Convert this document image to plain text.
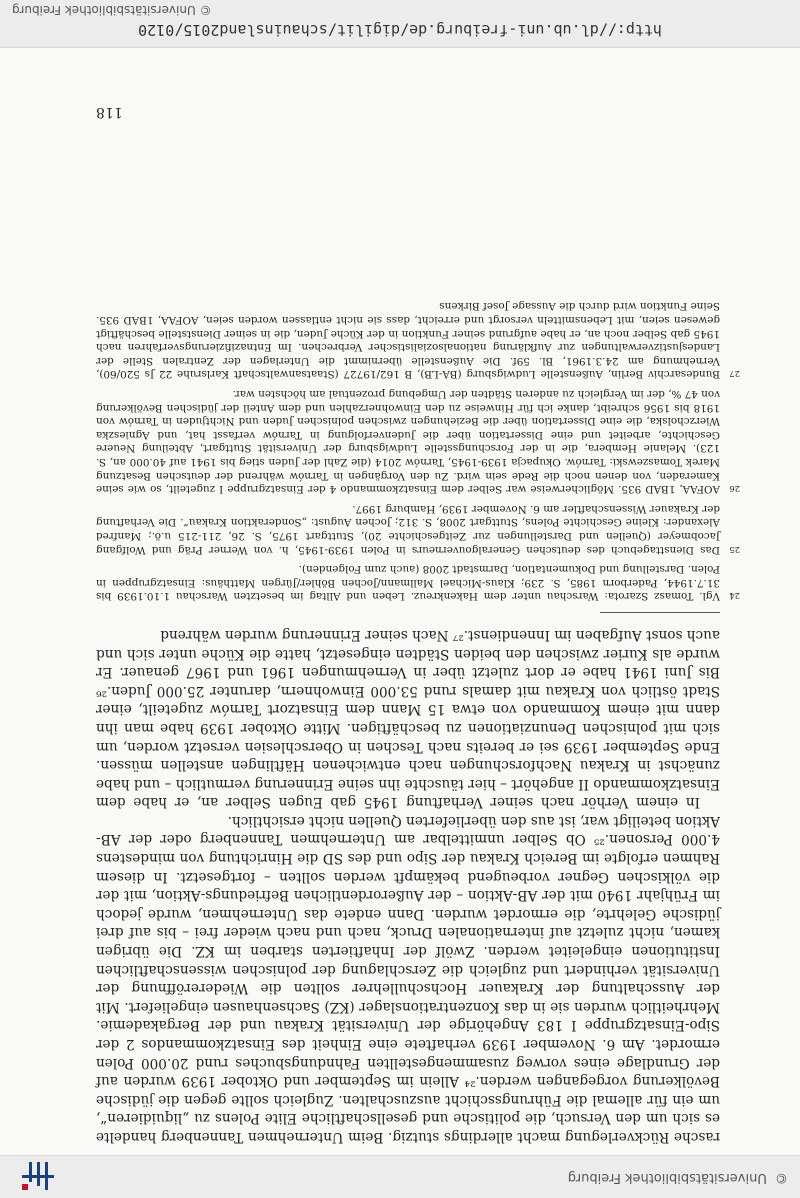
© Universitätsbibliothek Freiburg

rasche Rückverlegung macht allerdings stutzig. Beim Unternehmen Tannenberg handelte es sich um den Versuch, die politische und gesellschaftliche Elite Polens zu „liquidieren“, um ein für allemal die Führungsschicht auszuschalten. Zugleich sollte gegen die jüdische Bevölkerung vorgegangen werden.²⁴ Allein im September und Oktober 1939 wurden auf der Grundlage eines vorweg zusammengestellten Fahndungsbuches rund 20.000 Polen ermordet. Am 6. November 1939 verhaftete eine Einheit des Einsatzkommandos 2 der Sipo-Einsatzgruppe I 183 Angehörige der Universität Krakau und der Bergakademie. Mehrheitlich wurden sie in das Konzentrationslager (KZ) Sachsenhausen eingeliefert. Mit der Ausschaltung der Krakauer Hochschullehrer sollten die Wiedereröffnung der Universität verhindert und zugleich die Zerschlagung der polnischen wissenschaftlichen Institutionen eingeleitet werden. Zwölf der Inhaftierten starben im KZ. Die übrigen kamen, nicht zuletzt auf internationalen Druck, nach und nach wieder frei – bis auf drei jüdische Gelehrte, die ermordet wurden. Dann endete das Unternehmen, wurde jedoch im Frühjahr 1940 mit der AB-Aktion – der Außerordentlichen Befriedungs-Aktion, mit der die völkischen Gegner vorbeugend bekämpft werden sollten – fortgesetzt. In diesem Rahmen erfolgte im Bereich Krakau der Sipo und des SD die Hinrichtung von mindestens 4.000 Personen.²⁵ Ob Selber unmittelbar am Unternehmen Tannenberg oder der AB-Aktion beteiligt war, ist aus den überlieferten Quellen nicht ersichtlich.

In einem Verhör nach seiner Verhaftung 1945 gab Eugen Selber an, er habe dem Einsatzkommando II angehört – hier täuschte ihn seine Erinnerung vermutlich – und habe zunächst in Krakau Nachforschungen nach entwichenen Häftlingen anstellen müssen. Ende September 1939 sei er bereits nach Teschen in Oberschlesien versetzt worden, um sich mit polnischen Denunziationen zu beschäftigen. Mitte Oktober 1939 habe man ihn dann mit einem Kommando von etwa 15 Mann dem Einsatzort Tarnów zugeteilt, einer Stadt östlich von Krakau mit damals rund 53.000 Einwohnern, darunter 25.000 Juden.²⁶ Bis Juni 1941 habe er dort zuletzt über in Vernehmungen 1961 und 1967 genauer. Er wurde als Kurier zwischen den beiden Städten eingesetzt, hatte die Küche unter sich und auch sonst Aufgaben im Innendienst.²⁷ Nach seiner Erinnerung wurden während

24
Vgl. Tomasz Szarota: Warschau unter dem Hakenkreuz. Leben und Alltag im besetzten Warschau 1.10.1939 bis 31.7.1944, Paderborn 1985, S. 239; Klaus-Michael Mallmann/Jochen Böhler/Jürgen Matthäus: Einsatzgruppen in Polen. Darstellung und Dokumentation, Darmstadt 2008 (auch zum Folgenden).
25
Das Diensttagebuch des deutschen Generalgouverneurs in Polen 1939-1945, h. von Werner Präg und Wolfgang Jacobmeyer (Quellen und Darstellungen zur Zeitgeschichte 20), Stuttgart 1975, S. 26, 211-215 u.ö.; Manfred Alexander: Kleine Geschichte Polens, Stuttgart 2008, S. 312; Jochen August: „Sonderaktion Krakau“. Die Verhaftung der Krakauer Wissenschaftler am 6. November 1939, Hamburg 1997.
26
AOFAA, 1BAD 935. Möglicherweise war Selber dem Einsatzkommando 4 der Einsatzgruppe I zugeteilt, so wie seine Kameraden, von denen noch die Rede sein wird. Zu den Vorgängen in Tarnów während der deutschen Besatzung Marek Tomaszewski: Tarnów. Okupacja 1939-1945, Tarnów 2014 (die Zahl der Juden stieg bis 1941 auf 40.000 an, S. 123). Melanie Hembera, die in der Forschungsstelle Ludwigsburg der Universität Stuttgart, Abteilung Neuere Geschichte, arbeitet und eine Dissertation über die Judenverfolgung in Tarnów verfasst hat, und Agnieszka Wierzcholska, die eine Dissertation über die Beziehungen zwischen polnischen Juden und Nichtjuden in Tarnów von 1918 bis 1956 schreibt, danke ich für Hinweise zu den Einwohnerzahlen und dem Anteil der jüdischen Bevölkerung von 47 %, der im Vergleich zu anderen Städten der Umgebung prozentual am höchsten war.
27
Bundesarchiv Berlin, Außenstelle Ludwigsburg (BA-LB), B 162/19727 (Staatsanwaltschaft Karlsruhe 22 Js 520/60), Vernehmung am 24.3.1961, Bl. 59f. Die Außenstelle übernimmt die Unterlagen der Zentralen Stelle der Landesjustizverwaltungen zur Aufklärung nationalsozialistischer Verbrechen. Im Entnazifizierungsverfahren nach 1945 gab Selber noch an, er habe aufgrund seiner Funktion in der Küche Juden, die in seiner Dienststelle beschäftigt gewesen seien, mit Lebensmitteln versorgt und erreicht, dass sie nicht entlassen worden seien, AOFAA, 1BAD 935. Seine Funktion wird durch die Aussage Josef Birkens
118
http://dl.ub.uni-freiburg.de/digilit/schauinsland2015/0120
© Universitätsbibliothek Freiburg
